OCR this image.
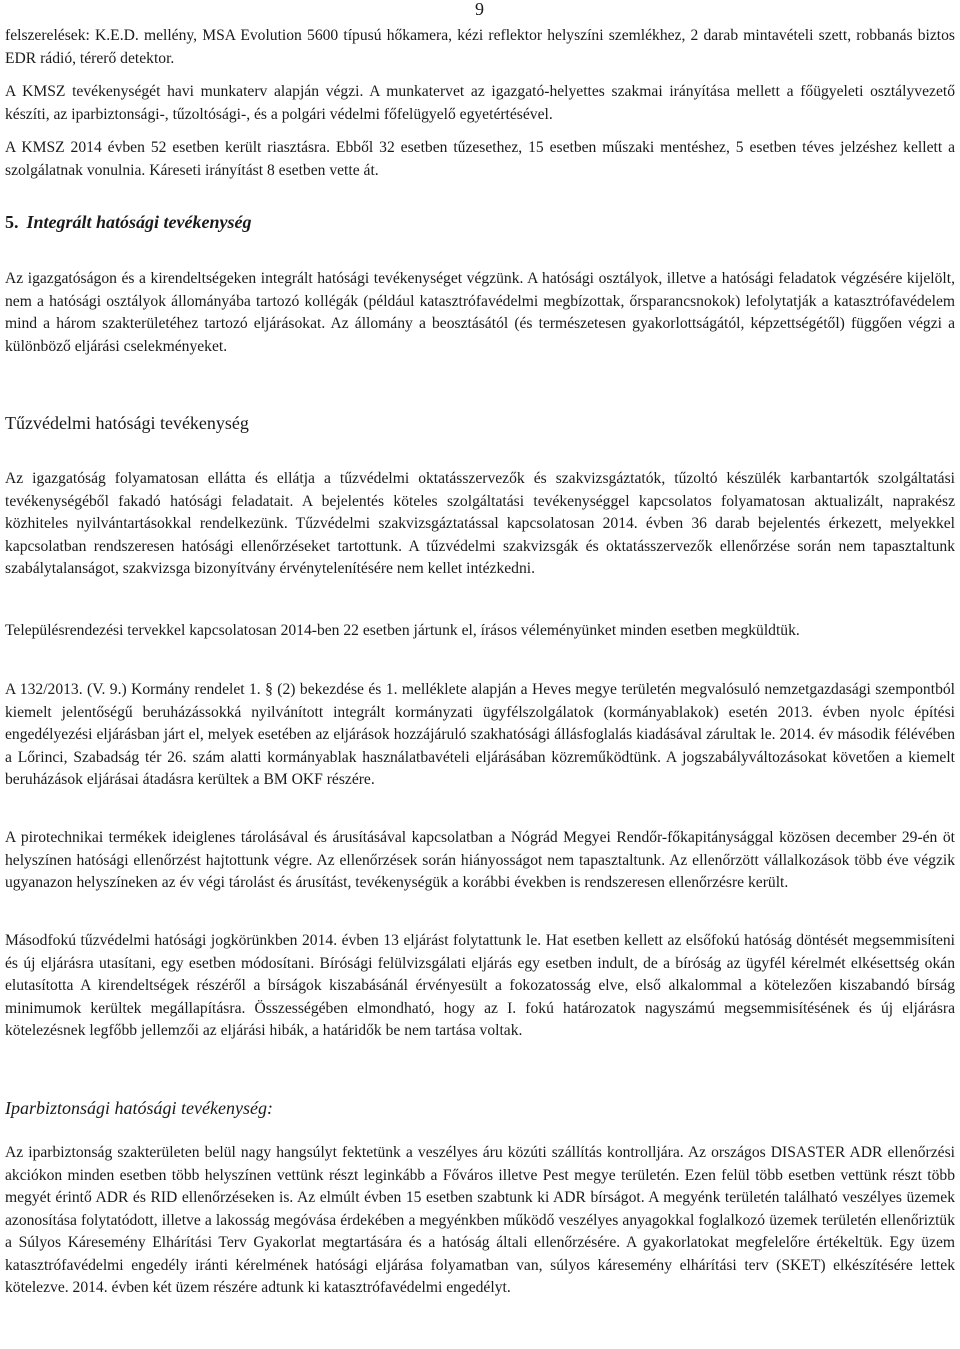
9

felszerelések: K.E.D. mellény, MSA Evolution 5600 típusú hőkamera, kézi reflektor helyszíni szemlékhez, 2 darab mintavételi szett, robbanás biztos EDR rádió, térerő detektor.

A KMSZ tevékenységét havi munkaterv alapján végzi. A munkatervet az igazgató-helyettes szakmai irányítása mellett a főügyeleti osztályvezető készíti, az iparbiztonsági-, tűzoltósági-, és a polgári védelmi főfelügyelő egyetértésével.

A KMSZ 2014 évben 52 esetben került riasztásra. Ebből 32 esetben tűzesethez, 15 esetben műszaki mentéshez, 5 esetben téves jelzéshez kellett a szolgálatnak vonulnia. Káreseti irányítást 8 esetben vette át.

5. Integrált hatósági tevékenység

Az igazgatóságon és a kirendeltségeken integrált hatósági tevékenységet végzünk. A hatósági osztályok, illetve a hatósági feladatok végzésére kijelölt, nem a hatósági osztályok állományába tartozó kollégák (például katasztrófavédelmi megbízottak, őrsparancsnokok) lefolytatják a katasztrófavédelem mind a három szakterületéhez tartozó eljárásokat. Az állomány a beosztásától (és természetesen gyakorlottságától, képzettségétől) függően végzi a különböző eljárási cselekményeket.

Tűzvédelmi hatósági tevékenység

Az igazgatóság folyamatosan ellátta és ellátja a tűzvédelmi oktatásszervezők és szakvizsgáztatók, tűzoltó készülék karbantartók szolgáltatási tevékenységéből fakadó hatósági feladatait. A bejelentés köteles szolgáltatási tevékenységgel kapcsolatos folyamatosan aktualizált, naprakész közhiteles nyilvántartásokkal rendelkezünk. Tűzvédelmi szakvizsgáztatással kapcsolatosan 2014. évben 36 darab bejelentés érkezett, melyekkel kapcsolatban rendszeresen hatósági ellenőrzéseket tartottunk. A tűzvédelmi szakvizsgák és oktatásszervezők ellenőrzése során nem tapasztaltunk szabálytalanságot, szakvizsga bizonyítvány érvénytelenítésére nem kellet intézkedni.

Településrendezési tervekkel kapcsolatosan 2014-ben 22 esetben jártunk el, írásos véleményünket minden esetben megküldtük.

A 132/2013. (V. 9.) Kormány rendelet 1. § (2) bekezdése és 1. melléklete alapján a Heves megye területén megvalósuló nemzetgazdasági szempontból kiemelt jelentőségű beruházássokká nyilvánított integrált kormányzati ügyfélszolgálatok (kormányablakok) esetén 2013. évben nyolc építési engedélyezési eljárásban járt el, melyek esetében az eljárások hozzájáruló szakhatósági állásfoglalás kiadásával zárultak le. 2014. év második félévében a Lőrinci, Szabadság tér 26. szám alatti kormányablak használatbavételi eljárásában közreműködtünk. A jogszabályváltozásokat követően a kiemelt beruházások eljárásai átadásra kerültek a BM OKF részére.

A pirotechnikai termékek ideiglenes tárolásával és árusításával kapcsolatban a Nógrád Megyei Rendőr-főkapitánysággal közösen december 29-én öt helyszínen hatósági ellenőrzést hajtottunk végre. Az ellenőrzések során hiányosságot nem tapasztaltunk. Az ellenőrzött vállalkozások több éve végzik ugyanazon helyszíneken az év végi tárolást és árusítást, tevékenységük a korábbi években is rendszeresen ellenőrzésre került.

Másodfokú tűzvédelmi hatósági jogkörünkben 2014. évben 13 eljárást folytattunk le. Hat esetben kellett az elsőfokú hatóság döntését megsemmisíteni és új eljárásra utasítani, egy esetben módosítani. Bírósági felülvizsgálati eljárás egy esetben indult, de a bíróság az ügyfél kérelmét elkésettség okán elutasította A kirendeltségek részéről a bírságok kiszabásánál érvényesült a fokozatosság elve, első alkalommal a kötelezően kiszabandó bírság minimumok kerültek megállapításra. Összességében elmondható, hogy az I. fokú határozatok nagyszámú megsemmisítésének és új eljárásra kötelezésnek legfőbb jellemzői az eljárási hibák, a határidők be nem tartása voltak.

Iparbiztonsági hatósági tevékenység:

Az iparbiztonság szakterületen belül nagy hangsúlyt fektetünk a veszélyes áru közúti szállítás kontrolljára. Az országos DISASTER ADR ellenőrzési akciókon minden esetben több helyszínen vettünk részt leginkább a Főváros illetve Pest megye területén. Ezen felül több esetben vettünk részt több megyét érintő ADR és RID ellenőrzéseken is. Az elmúlt évben 15 esetben szabtunk ki ADR bírságot. A megyénk területén található veszélyes üzemek azonosítása folytatódott, illetve a lakosság megóvása érdekében a megyénkben működő veszélyes anyagokkal foglalkozó üzemek területén ellenőriztük a Súlyos Káresemény Elhárítási Terv Gyakorlat megtartására és a hatóság általi ellenőrzésére. A gyakorlatokat megfelelőre értékeltük. Egy üzem katasztrófavédelmi engedély iránti kérelmének hatósági eljárása folyamatban van, súlyos káresemény elhárítási terv (SKET) elkészítésére lettek kötelezve. 2014. évben két üzem részére adtunk ki katasztrófavédelmi engedélyt.
